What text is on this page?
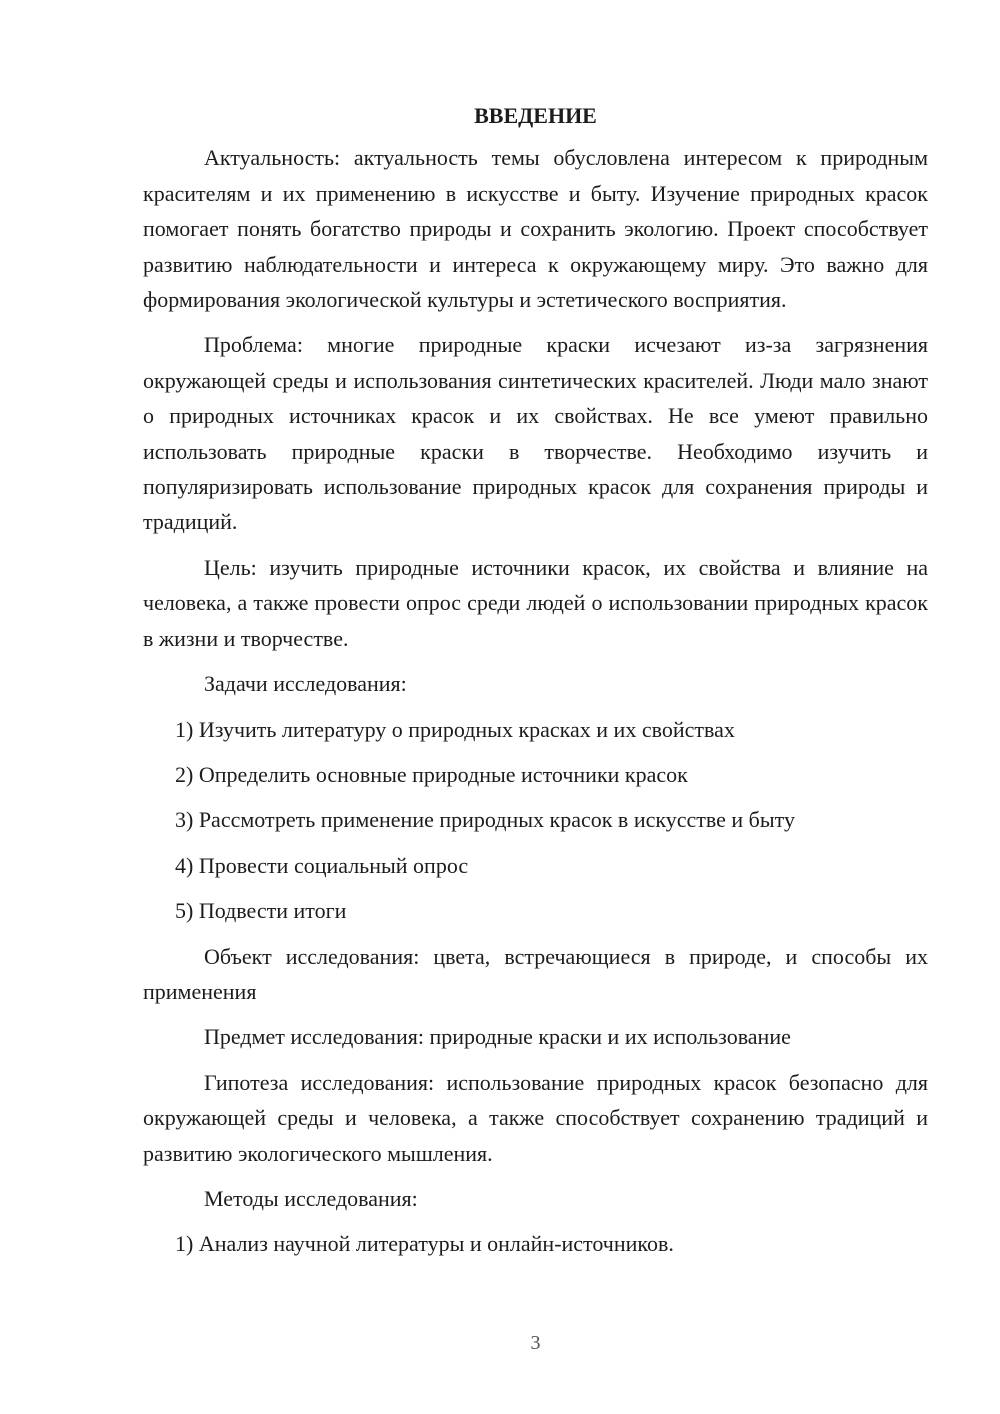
ВВЕДЕНИЕ

Актуальность: актуальность темы обусловлена интересом к природным красителям и их применению в искусстве и быту. Изучение природных красок помогает понять богатство природы и сохранить экологию. Проект способствует развитию наблюдательности и интереса к окружающему миру. Это важно для формирования экологической культуры и эстетического восприятия.

Проблема: многие природные краски исчезают из-за загрязнения окружающей среды и использования синтетических красителей. Люди мало знают о природных источниках красок и их свойствах. Не все умеют правильно использовать природные краски в творчестве. Необходимо изучить и популяризировать использование природных красок для сохранения природы и традиций.

Цель: изучить природные источники красок, их свойства и влияние на человека, а также провести опрос среди людей о использовании природных красок в жизни и творчестве.

Задачи исследования:

1) Изучить литературу о природных красках и их свойствах
2) Определить основные природные источники красок
3) Рассмотреть применение природных красок в искусстве и быту
4) Провести социальный опрос
5) Подвести итоги

Объект исследования: цвета, встречающиеся в природе, и способы их применения

Предмет исследования: природные краски и их использование

Гипотеза исследования: использование природных красок безопасно для окружающей среды и человека, а также способствует сохранению традиций и развитию экологического мышления.

Методы исследования:

1) Анализ научной литературы и онлайн-источников.
3
